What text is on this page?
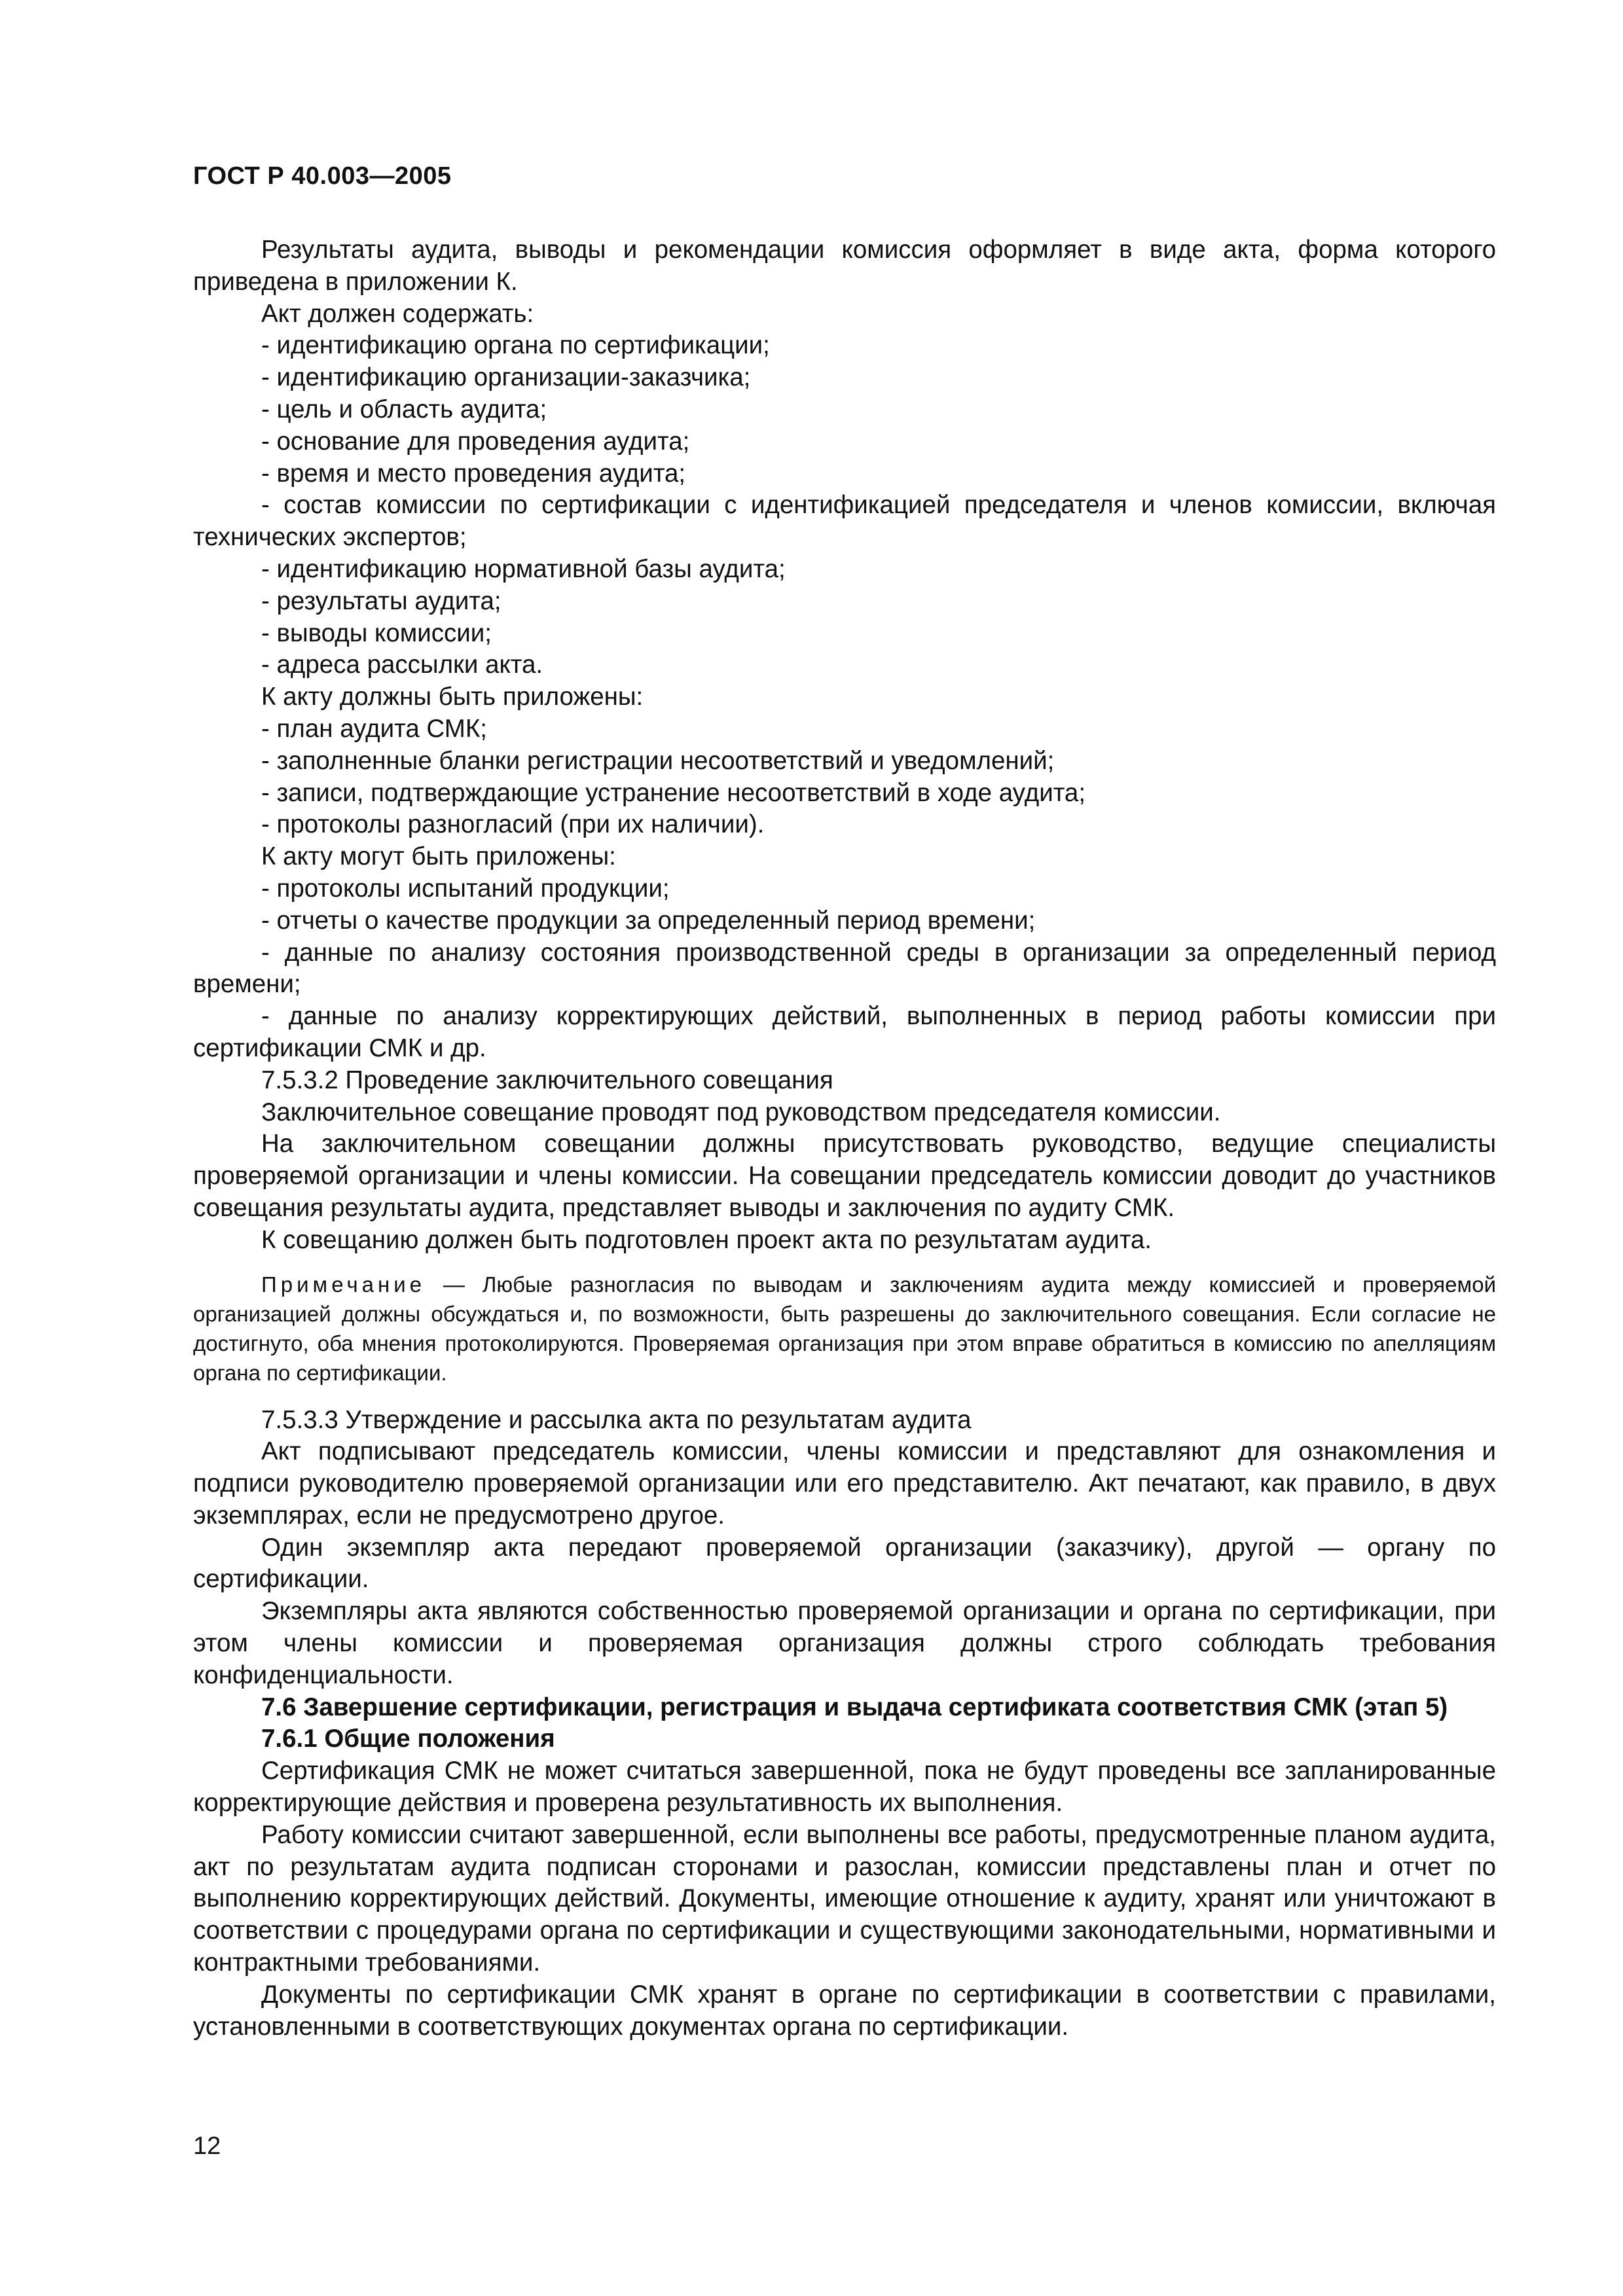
ГОСТ Р 40.003—2005

Результаты аудита, выводы и рекомендации комиссия оформляет в виде акта, форма которого приведена в приложении К.

Акт должен содержать:

- идентификацию органа по сертификации;

- идентификацию организации-заказчика;

- цель и область аудита;

- основание для проведения аудита;

- время и место проведения аудита;

- состав комиссии по сертификации с идентификацией председателя и членов комиссии, включая технических экспертов;

- идентификацию нормативной базы аудита;

- результаты аудита;

- выводы комиссии;

- адреса рассылки акта.

К акту должны быть приложены:

- план аудита СМК;

- заполненные бланки регистрации несоответствий и уведомлений;

- записи, подтверждающие устранение несоответствий в ходе аудита;

- протоколы разногласий (при их наличии).

К акту могут быть приложены:

- протоколы испытаний продукции;

- отчеты о качестве продукции за определенный период времени;

- данные по анализу состояния производственной среды в организации за определенный период времени;

- данные по анализу корректирующих действий, выполненных в период работы комиссии при сертификации СМК и др.

7.5.3.2 Проведение заключительного совещания

Заключительное совещание проводят под руководством председателя комиссии.

На заключительном совещании должны присутствовать руководство, ведущие специалисты проверяемой организации и члены комиссии. На совещании председатель комиссии доводит до участников совещания результаты аудита, представляет выводы и заключения по аудиту СМК.

К совещанию должен быть подготовлен проект акта по результатам аудита.

Примечание — Любые разногласия по выводам и заключениям аудита между комиссией и проверяемой организацией должны обсуждаться и, по возможности, быть разрешены до заключительного совещания. Если согласие не достигнуто, оба мнения протоколируются. Проверяемая организация при этом вправе обратиться в комиссию по апелляциям органа по сертификации.

7.5.3.3 Утверждение и рассылка акта по результатам аудита

Акт подписывают председатель комиссии, члены комиссии и представляют для ознакомления и подписи руководителю проверяемой организации или его представителю. Акт печатают, как правило, в двух экземплярах, если не предусмотрено другое.

Один экземпляр акта передают проверяемой организации (заказчику), другой — органу по сертификации.

Экземпляры акта являются собственностью проверяемой организации и органа по сертификации, при этом члены комиссии и проверяемая организация должны строго соблюдать требования конфиденциальности.

7.6 Завершение сертификации, регистрация и выдача сертификата соответствия СМК (этап 5)

7.6.1 Общие положения

Сертификация СМК не может считаться завершенной, пока не будут проведены все запланированные корректирующие действия и проверена результативность их выполнения.

Работу комиссии считают завершенной, если выполнены все работы, предусмотренные планом аудита, акт по результатам аудита подписан сторонами и разослан, комиссии представлены план и отчет по выполнению корректирующих действий. Документы, имеющие отношение к аудиту, хранят или уничтожают в соответствии с процедурами органа по сертификации и существующими законодательными, нормативными и контрактными требованиями.

Документы по сертификации СМК хранят в органе по сертификации в соответствии с правилами, установленными в соответствующих документах органа по сертификации.

12
